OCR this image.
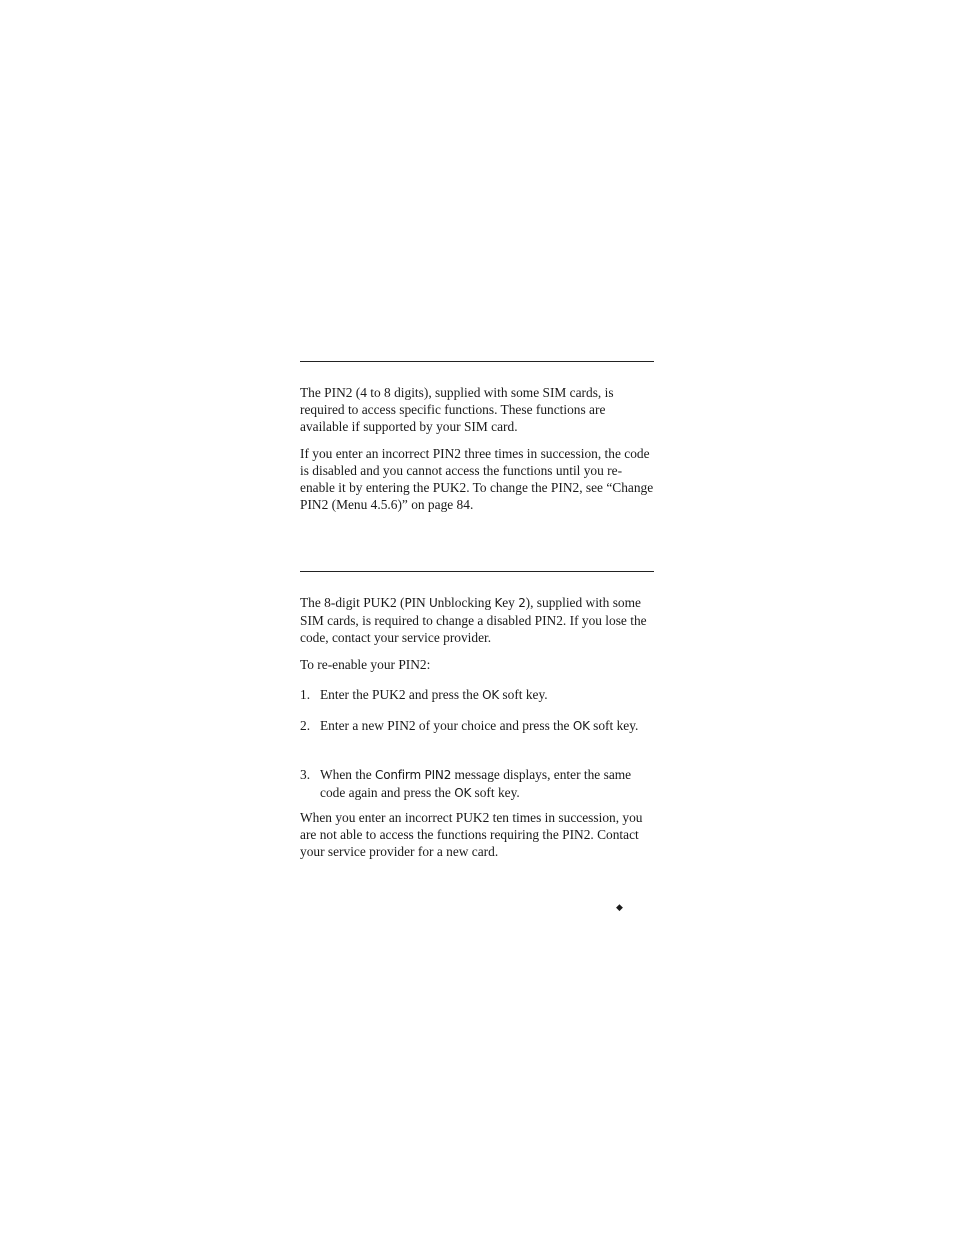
The PIN2 (4 to 8 digits), supplied with some SIM cards, is required to access specific functions. These functions are available if supported by your SIM card.

If you enter an incorrect PIN2 three times in succession, the code is disabled and you cannot access the functions until you re-enable it by entering the PUK2. To change the PIN2, see “Change PIN2 (Menu 4.5.6)” on page 84.

The 8-digit PUK2 (PIN Unblocking Key 2), supplied with some SIM cards, is required to change a disabled PIN2. If you lose the code, contact your service provider.

To re-enable your PIN2:

1. Enter the PUK2 and press the OK soft key.
2. Enter a new PIN2 of your choice and press the OK soft key.
3. When the Confirm PIN2 message displays, enter the same code again and press the OK soft key.

When you enter an incorrect PUK2 ten times in succession, you are not able to access the functions requiring the PIN2. Contact your service provider for a new card.

◆
